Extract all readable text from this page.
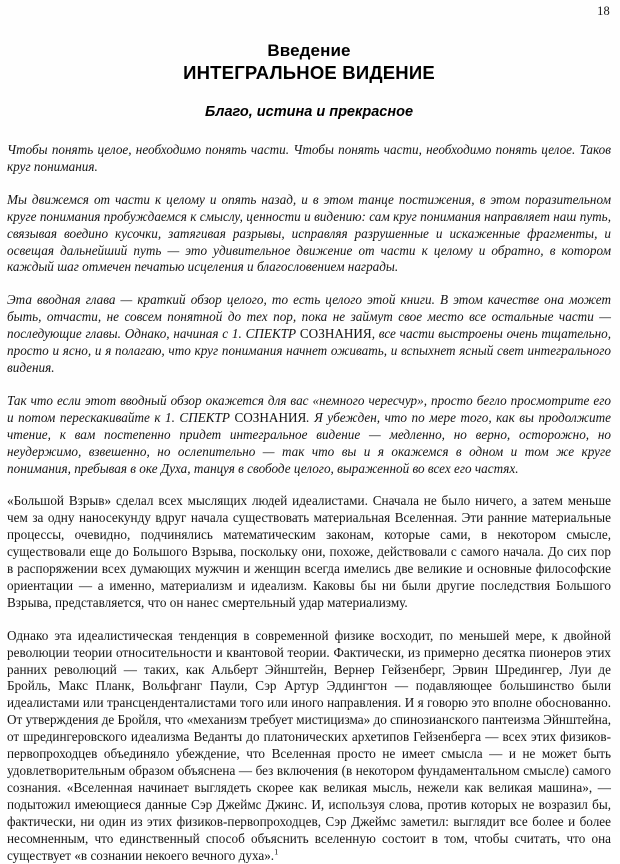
18
Введение
ИНТЕГРАЛЬНОЕ ВИДЕНИЕ
Благо, истина и прекрасное

Чтобы понять целое, необходимо понять части. Чтобы понять части, необходимо понять целое. Таков круг понимания.

Мы движемся от части к целому и опять назад, и в этом танце постижения, в этом поразительном круге понимания пробуждаемся к смыслу, ценности и видению: сам круг понимания направляет наш путь, связывая воедино кусочки, затягивая разрывы, исправляя разрушенные и искаженные фрагменты, и освещая дальнейший путь — это удивительное движение от части к целому и обратно, в котором каждый шаг отмечен печатью исцеления и благословением награды.

Эта вводная глава — краткий обзор целого, то есть целого этой книги. В этом качестве она может быть, отчасти, не совсем понятной до тех пор, пока не займут свое место все остальные части — последующие главы. Однако, начиная с 1. СПЕКТР СОЗНАНИЯ, все части выстроены очень тщательно, просто и ясно, и я полагаю, что круг понимания начнет оживать, и вспыхнет ясный свет интегрального видения.

Так что если этот вводный обзор окажется для вас «немного чересчур», просто бегло просмотрите его и потом перескакивайте к 1. СПЕКТР СОЗНАНИЯ. Я убежден, что по мере того, как вы продолжите чтение, к вам постепенно придет интегральное видение — медленно, но верно, осторожно, но неудержимо, взвешенно, но ослепительно — так что вы и я окажемся в одном и том же круге понимания, пребывая в оке Духа, танцуя в свободе целого, выраженной во всех его частях.

«Большой Взрыв» сделал всех мыслящих людей идеалистами. Сначала не было ничего, а затем меньше чем за одну наносекунду вдруг начала существовать материальная Вселенная. Эти ранние материальные процессы, очевидно, подчинялись математическим законам, которые сами, в некотором смысле, существовали еще до Большого Взрыва, поскольку они, похоже, действовали с самого начала. До сих пор в распоряжении всех думающих мужчин и женщин всегда имелись две великие и основные философские ориентации — а именно, материализм и идеализм. Каковы бы ни были другие последствия Большого Взрыва, представляется, что он нанес смертельный удар материализму.

Однако эта идеалистическая тенденция в современной физике восходит, по меньшей мере, к двойной революции теории относительности и квантовой теории. Фактически, из примерно десятка пионеров этих ранних революций — таких, как Альберт Эйнштейн, Вернер Гейзенберг, Эрвин Шредингер, Луи де Бройль, Макс Планк, Вольфганг Паули, Сэр Артур Эддингтон — подавляющее большинство были идеалистами или трансценденталистами того или иного направления. И я говорю это вполне обоснованно. От утверждения де Бройля, что «механизм требует мистицизма» до спинозианского пантеизма Эйнштейна, от шредингеровского идеализма Веданты до платонических архетипов Гейзенберга — всех этих физиков-первопроходцев объединяло убеждение, что Вселенная просто не имеет смысла — и не может быть удовлетворительным образом объяснена — без включения (в некотором фундаментальном смысле) самого сознания. «Вселенная начинает выглядеть скорее как великая мысль, нежели как великая машина», — подытожил имеющиеся данные Сэр Джеймс Джинс. И, используя слова, против которых не возразил бы, фактически, ни один из этих физиков-первопроходцев, Сэр Джеймс заметил: выглядит все более и более несомненным, что единственный способ объяснить вселенную состоит в том, чтобы считать, что она существует «в сознании некоего вечного духа».$^1$
